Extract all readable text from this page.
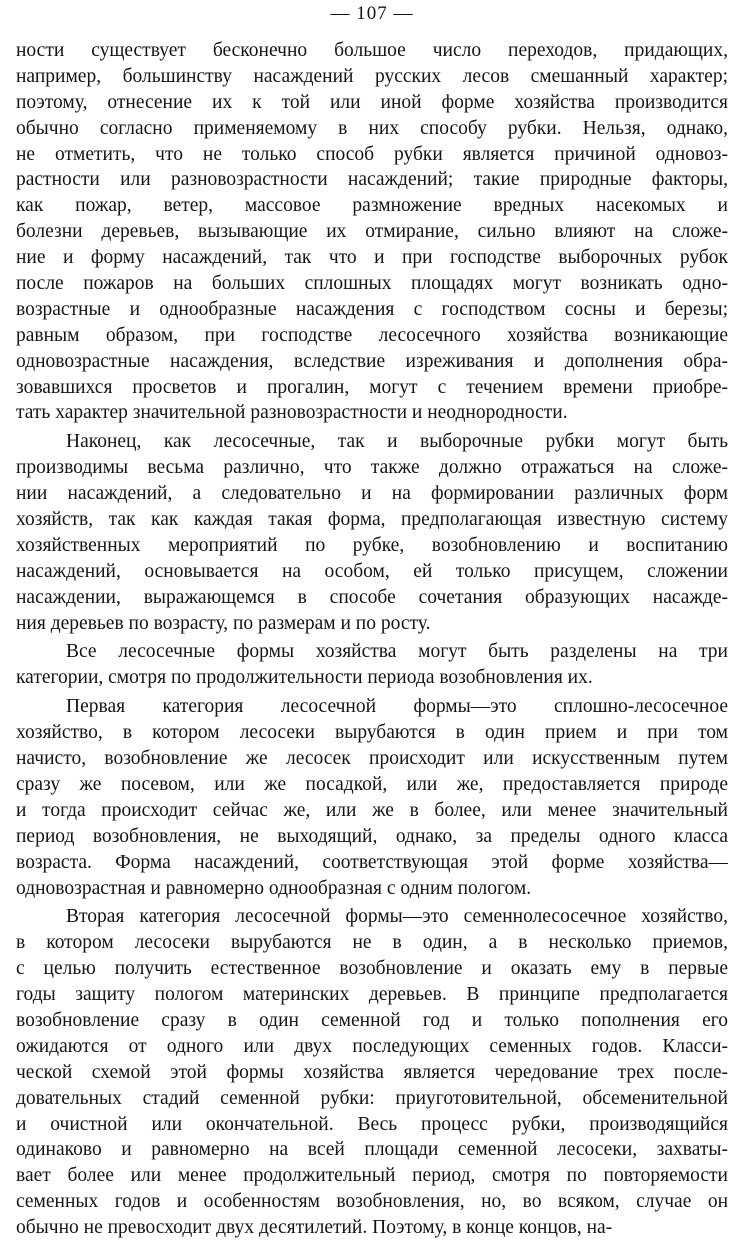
— 107 —
ности существует бесконечно большое число переходов, придающих,
например, большинству насаждений русских лесов смешанный характер;
поэтому, отнесение их к той или иной форме хозяйства производится
обычно согласно применяемому в них способу рубки. Нельзя, однако,
не отметить, что не только способ рубки является причиной одновоз-
растности или разновозрастности насаждений; такие природные факторы,
как пожар, ветер, массовое размножение вредных насекомых и
болезни деревьев, вызывающие их отмирание, сильно влияют на сложе-
ние и форму насаждений, так что и при господстве выборочных рубок
после пожаров на больших сплошных площадях могут возникать одно-
возрастные и однообразные насаждения с господством сосны и березы;
равным образом, при господстве лесосечного хозяйства возникающие
одновозрастные насаждения, вследствие изреживания и дополнения обра-
зовавшихся просветов и прогалин, могут с течением времени приобре-
тать характер значительной разновозрастности и неоднородности.
Наконец, как лесосечные, так и выборочные рубки могут быть
производимы весьма различно, что также должно отражаться на сложе-
нии насаждений, а следовательно и на формировании различных форм
хозяйств, так как каждая такая форма, предполагающая известную систему
хозяйственных мероприятий по рубке, возобновлению и воспитанию
насаждений, основывается на особом, ей только присущем, сложении
насаждении, выражающемся в способе сочетания образующих насажде-
ния деревьев по возрасту, по размерам и по росту.
Все лесосечные формы хозяйства могут быть разделены на три
категории, смотря по продолжительности периода возобновления их.
Первая категория лесосечной формы—это сплошно-лесосечное
хозяйство, в котором лесосеки вырубаются в один прием и при том
начисто, возобновление же лесосек происходит или искусственным путем
сразу же посевом, или же посадкой, или же, предоставляется природе
и тогда происходит сейчас же, или же в более, или менее значительный
период возобновления, не выходящий, однако, за пределы одного класса
возраста. Форма насаждений, соответствующая этой форме хозяйства—
одновозрастная и равномерно однообразная с одним пологом.
Вторая категория лесосечной формы—это семеннолесосечное хозяйство,
в котором лесосеки вырубаются не в один, а в несколько приемов,
с целью получить естественное возобновление и оказать ему в первые
годы защиту пологом материнских деревьев. В принципе предполагается
возобновление сразу в один семенной год и только пополнения его
ожидаются от одного или двух последующих семенных годов. Класси-
ческой схемой этой формы хозяйства является чередование трех после-
довательных стадий семенной рубки: приуготовительной, обсеменительной
и очистной или окончательной. Весь процесс рубки, производящийся
одинаково и равномерно на всей площади семенной лесосеки, захваты-
вает более или менее продолжительный период, смотря по повторяемости
семенных годов и особенностям возобновления, но, во всяком, случае он
обычно не превосходит двух десятилетий. Поэтому, в конце концов, на-
